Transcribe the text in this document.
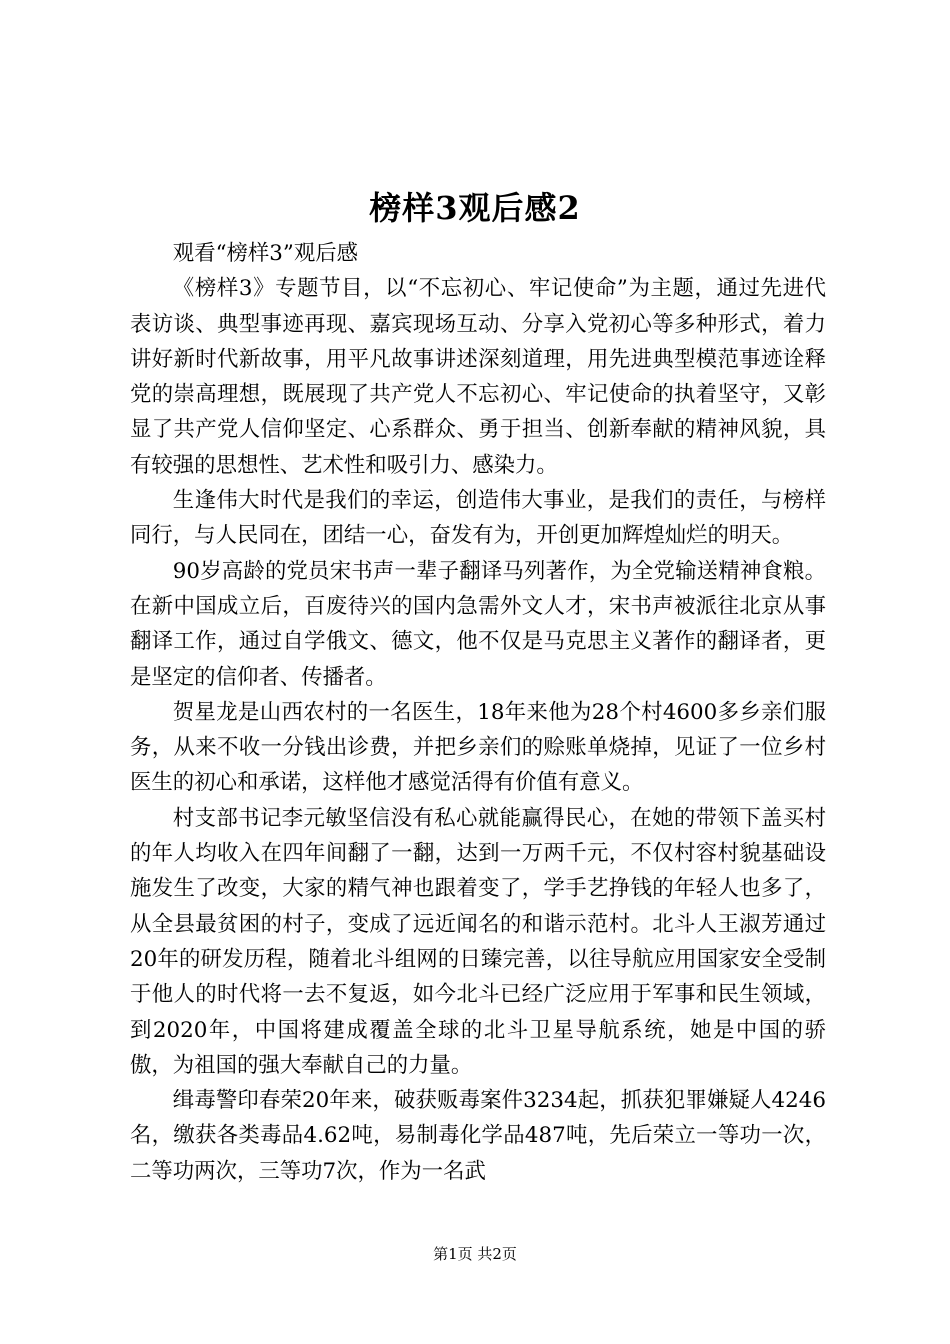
榜样3观后感2

观看“榜样3”观后感

《榜样3》专题节目，以“不忘初心、牢记使命”为主题，通过先进代表访谈、典型事迹再现、嘉宾现场互动、分享入党初心等多种形式，着力讲好新时代新故事，用平凡故事讲述深刻道理，用先进典型模范事迹诠释党的崇高理想，既展现了共产党人不忘初心、牢记使命的执着坚守，又彰显了共产党人信仰坚定、心系群众、勇于担当、创新奉献的精神风貌，具有较强的思想性、艺术性和吸引力、感染力。

生逢伟大时代是我们的幸运，创造伟大事业，是我们的责任，与榜样同行，与人民同在，团结一心，奋发有为，开创更加辉煌灿烂的明天。

90岁高龄的党员宋书声一辈子翻译马列著作，为全党输送精神食粮。在新中国成立后，百废待兴的国内急需外文人才，宋书声被派往北京从事翻译工作，通过自学俄文、德文，他不仅是马克思主义著作的翻译者，更是坚定的信仰者、传播者。

贺星龙是山西农村的一名医生，18年来他为28个村4600多乡亲们服务，从来不收一分钱出诊费，并把乡亲们的赊账单烧掉，见证了一位乡村医生的初心和承诺，这样他才感觉活得有价值有意义。

村支部书记李元敏坚信没有私心就能赢得民心，在她的带领下盖买村的年人均收入在四年间翻了一翻，达到一万两千元，不仅村容村貌基础设施发生了改变，大家的精气神也跟着变了，学手艺挣钱的年轻人也多了，从全县最贫困的村子，变成了远近闻名的和谐示范村。北斗人王淑芳通过20年的研发历程，随着北斗组网的日臻完善，以往导航应用国家安全受制于他人的时代将一去不复返，如今北斗已经广泛应用于军事和民生领域，到2020年，中国将建成覆盖全球的北斗卫星导航系统，她是中国的骄傲，为祖国的强大奉献自己的力量。

缉毒警印春荣20年来，破获贩毒案件3234起，抓获犯罪嫌疑人4246名，缴获各类毒品4.62吨，易制毒化学品487吨，先后荣立一等功一次，二等功两次，三等功7次，作为一名武

第1页 共2页
